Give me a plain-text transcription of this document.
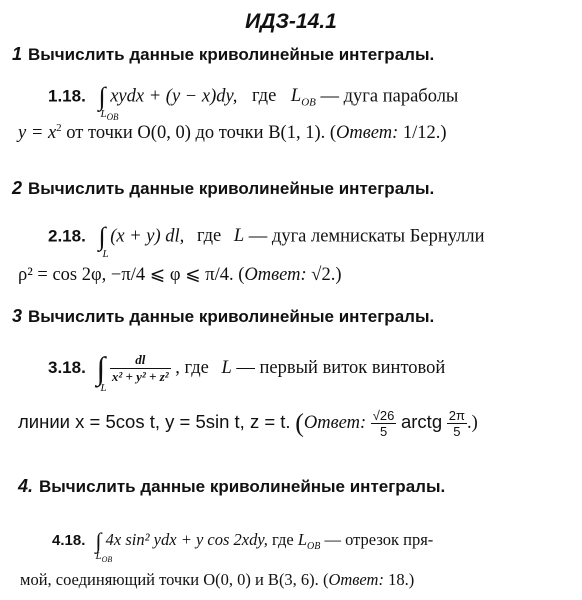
ИДЗ-14.1
1 Вычислить данные криволинейные интегралы.
1.18. ∫
$L_{OB}$
xydx + (y − x)dy, где $L_{OB}$ — дуга параболы
$y = x^2$ от точки O(0, 0) до точки B(1, 1). (Ответ: 1/12.)
2 Вычислить данные криволинейные интегралы.
2.18. ∫
L
(x + y) dl, где L — дуга лемнискаты Бернулли
ρ² = cos 2φ, −π/4 ⩽ φ ⩽ π/4. (Ответ: √2.)
3 Вычислить данные криволинейные интегралы.
3.18. ∫
L

$\frac{dl}{\text{x² + y² + z²}}$ , где L — первый виток винтовой
линии x = 5cos t, y = 5sin t, z = t. (Ответ: $\frac{√26}{5}$ arctg $\frac{2\pi}{5}$ .)
4. Вычислить данные криволинейные интегралы.
4.18. ∫
$L_{OB}$
4x sin² ydx + y cos 2xdy, где $L_{OB}$ — отрезок пря-
мой, соединяющий точки O(0, 0) и B(3, 6). (Ответ: 18.)
